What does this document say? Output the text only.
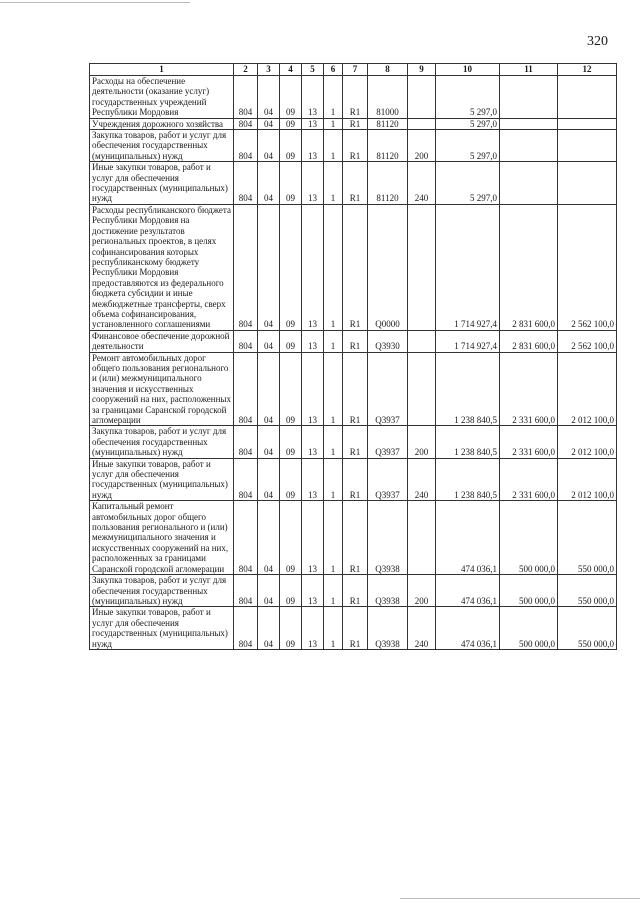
320
1	2	3	4	5	6	7	8	9	10	11	12
Расходы на обеспечение деятельности (оказание услуг) государственных учреждений Республики Мордовия	804	04	09	13	1	R1	81000		5 297,0		
Учреждения дорожного хозяйства	804	04	09	13	1	R1	81120		5 297,0		
Закупка товаров, работ и услуг для обеспечения государственных (муниципальных) нужд	804	04	09	13	1	R1	81120	200	5 297,0		
Иные закупки товаров, работ и услуг для обеспечения государственных (муниципальных) нужд	804	04	09	13	1	R1	81120	240	5 297,0		
Расходы республиканского бюджета Республики Мордовия на достижение результатов региональных проектов, в целях софинансирования которых республиканскому бюджету Республики Мордовия предоставляются из федерального бюджета субсидии и иные межбюджетные трансферты, сверх объема софинансирования, установленного соглашениями	804	04	09	13	1	R1	Q0000		1 714 927,4	2 831 600,0	2 562 100,0
Финансовое обеспечение дорожной деятельности	804	04	09	13	1	R1	Q3930		1 714 927,4	2 831 600,0	2 562 100,0
Ремонт автомобильных дорог общего пользования регионального и (или) межмуниципального значения и искусственных сооружений на них, расположенных за границами Саранской городской агломерации	804	04	09	13	1	R1	Q3937		1 238 840,5	2 331 600,0	2 012 100,0
Закупка товаров, работ и услуг для обеспечения государственных (муниципальных) нужд	804	04	09	13	1	R1	Q3937	200	1 238 840,5	2 331 600,0	2 012 100,0
Иные закупки товаров, работ и услуг для обеспечения государственных (муниципальных) нужд	804	04	09	13	1	R1	Q3937	240	1 238 840,5	2 331 600,0	2 012 100,0
Капитальный ремонт автомобильных дорог общего пользования регионального и (или) межмуниципального значения и искусственных сооружений на них, расположенных за границами Саранской городской агломерации	804	04	09	13	1	R1	Q3938		474 036,1	500 000,0	550 000,0
Закупка товаров, работ и услуг для обеспечения государственных (муниципальных) нужд	804	04	09	13	1	R1	Q3938	200	474 036,1	500 000,0	550 000,0
Иные закупки товаров, работ и услуг для обеспечения государственных (муниципальных) нужд	804	04	09	13	1	R1	Q3938	240	474 036,1	500 000,0	550 000,0
